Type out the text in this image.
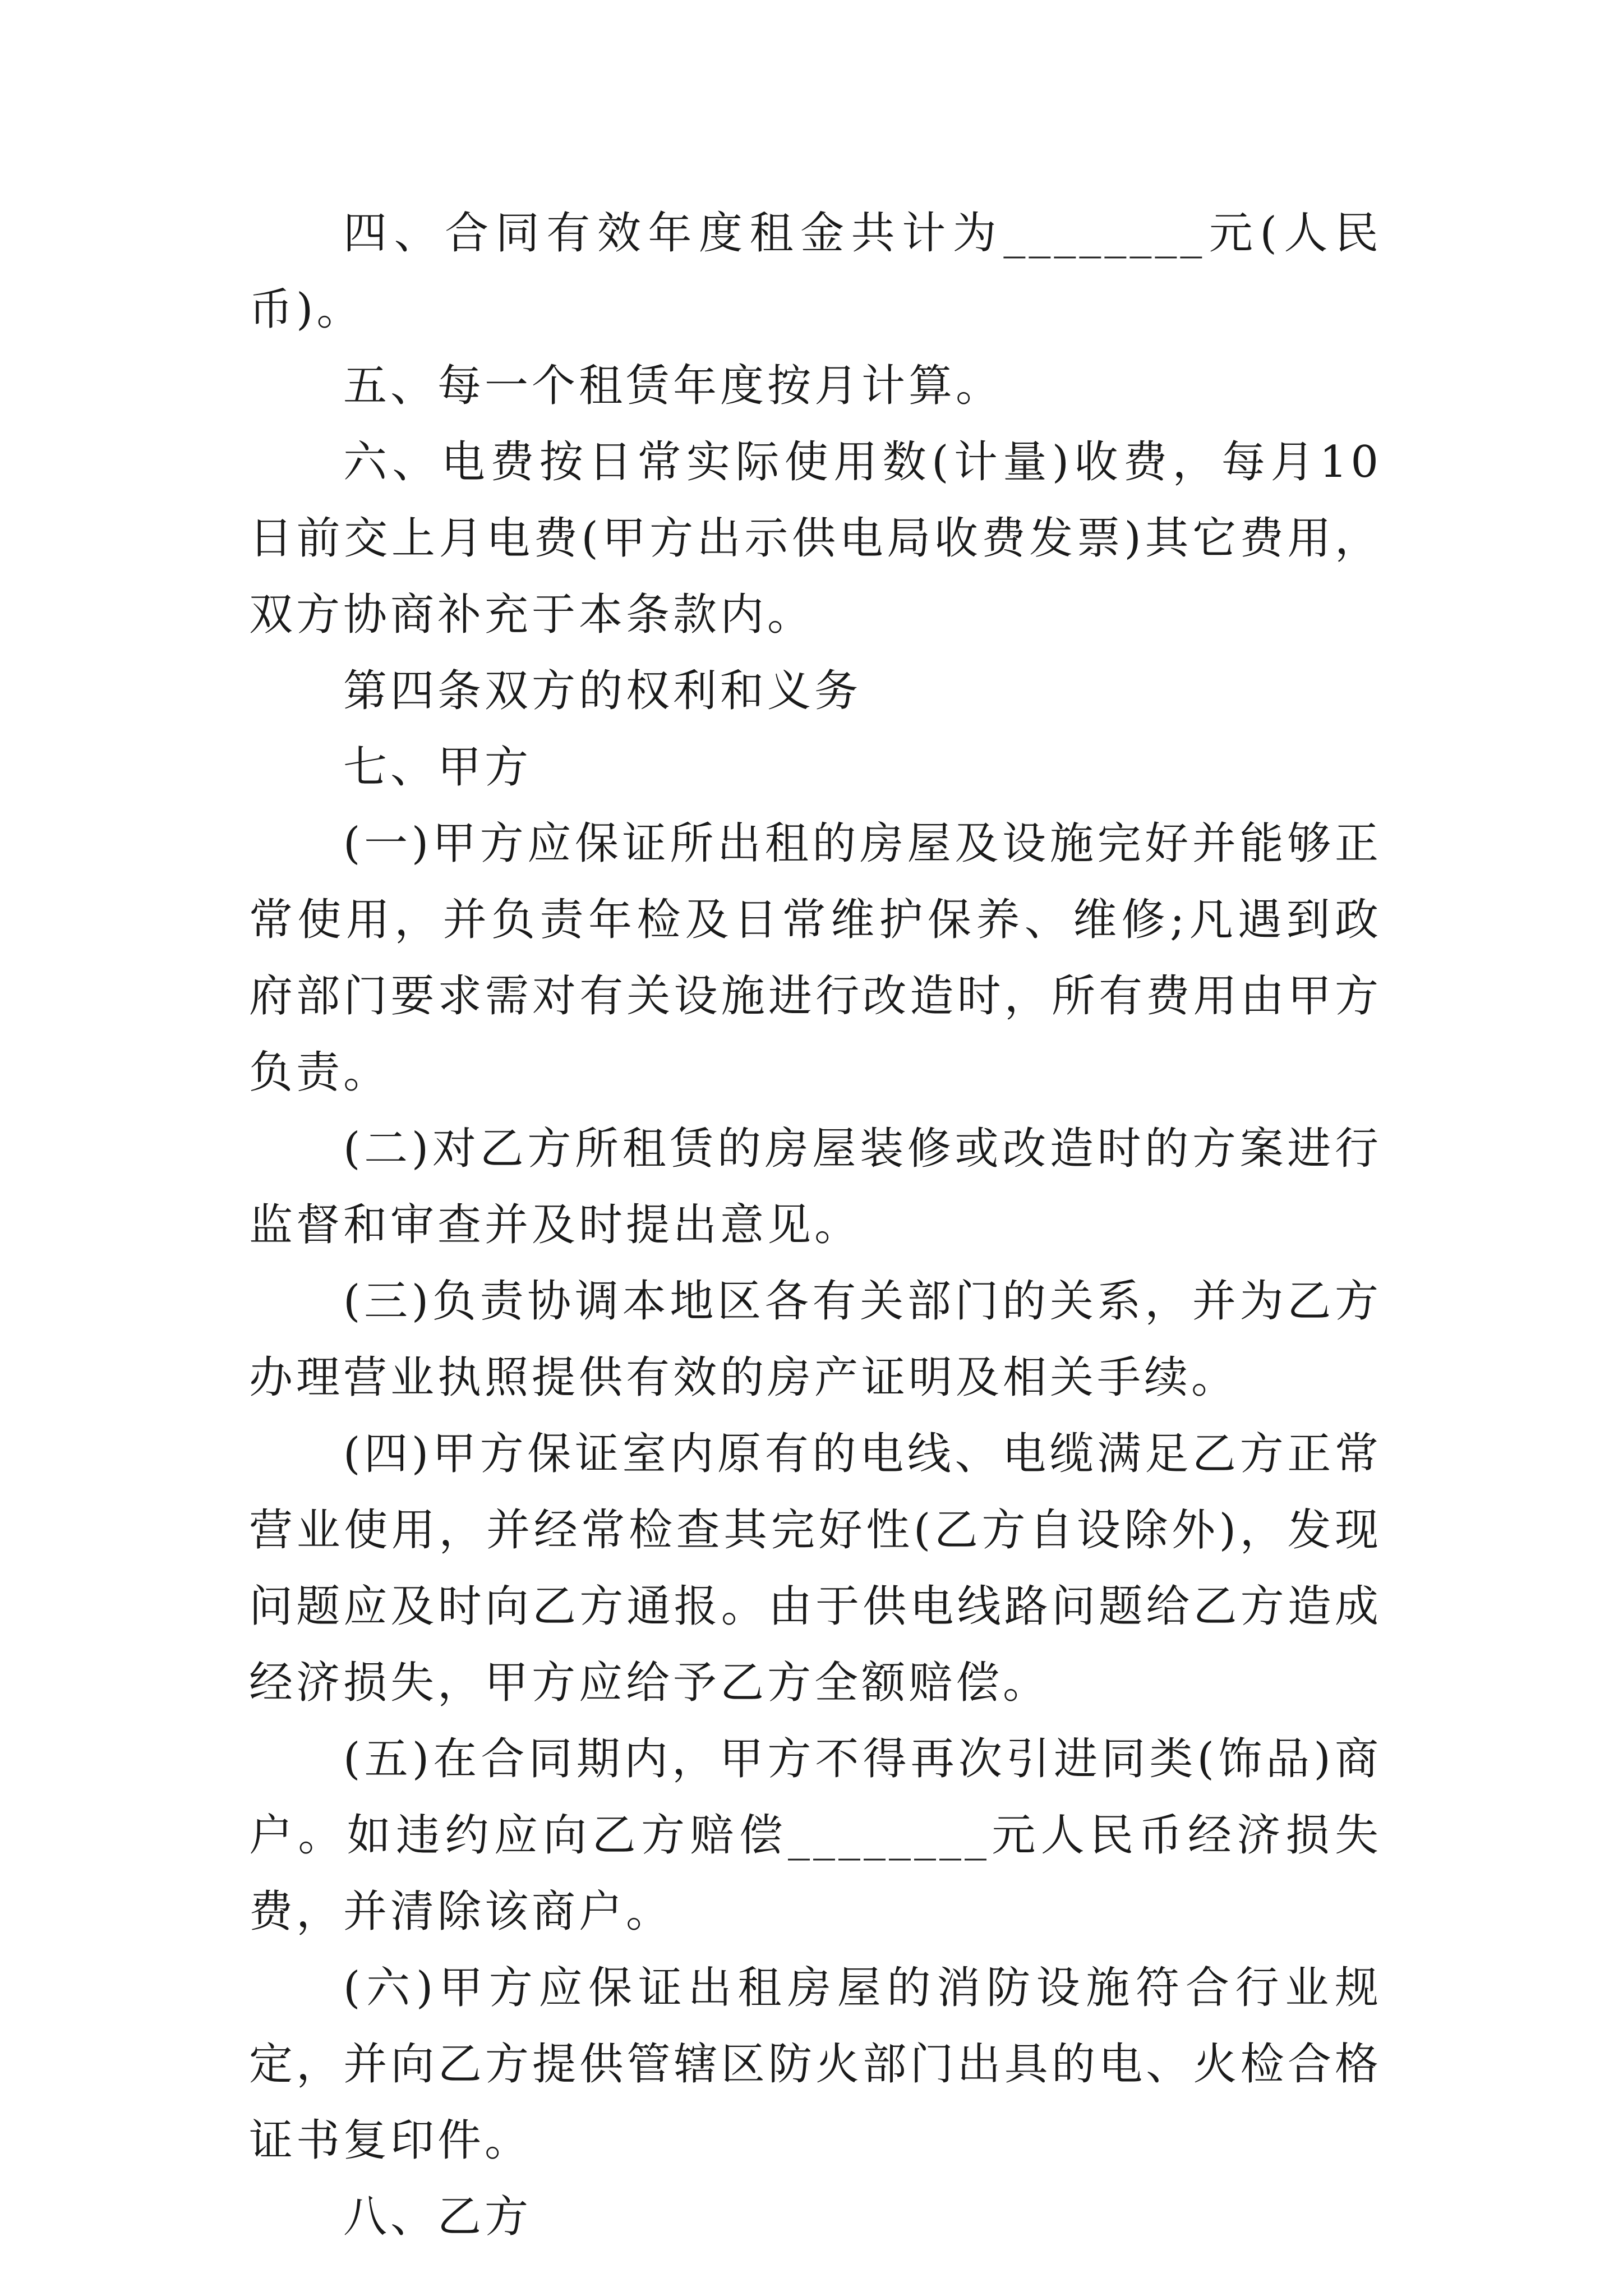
四、合同有效年度租金共计为________元(人民币)。

五、每一个租赁年度按月计算。

六、电费按日常实际使用数(计量)收费，每月10日前交上月电费(甲方出示供电局收费发票)其它费用，双方协商补充于本条款内。

第四条双方的权利和义务

七、甲方

(一)甲方应保证所出租的房屋及设施完好并能够正常使用，并负责年检及日常维护保养、维修;凡遇到政府部门要求需对有关设施进行改造时，所有费用由甲方负责。

(二)对乙方所租赁的房屋装修或改造时的方案进行监督和审查并及时提出意见。

(三)负责协调本地区各有关部门的关系，并为乙方办理营业执照提供有效的房产证明及相关手续。

(四)甲方保证室内原有的电线、电缆满足乙方正常营业使用，并经常检查其完好性(乙方自设除外)，发现问题应及时向乙方通报。由于供电线路问题给乙方造成经济损失，甲方应给予乙方全额赔偿。

(五)在合同期内，甲方不得再次引进同类(饰品)商户。如违约应向乙方赔偿________元人民币经济损失费，并清除该商户。

(六)甲方应保证出租房屋的消防设施符合行业规定，并向乙方提供管辖区防火部门出具的电、火检合格证书复印件。

八、乙方
